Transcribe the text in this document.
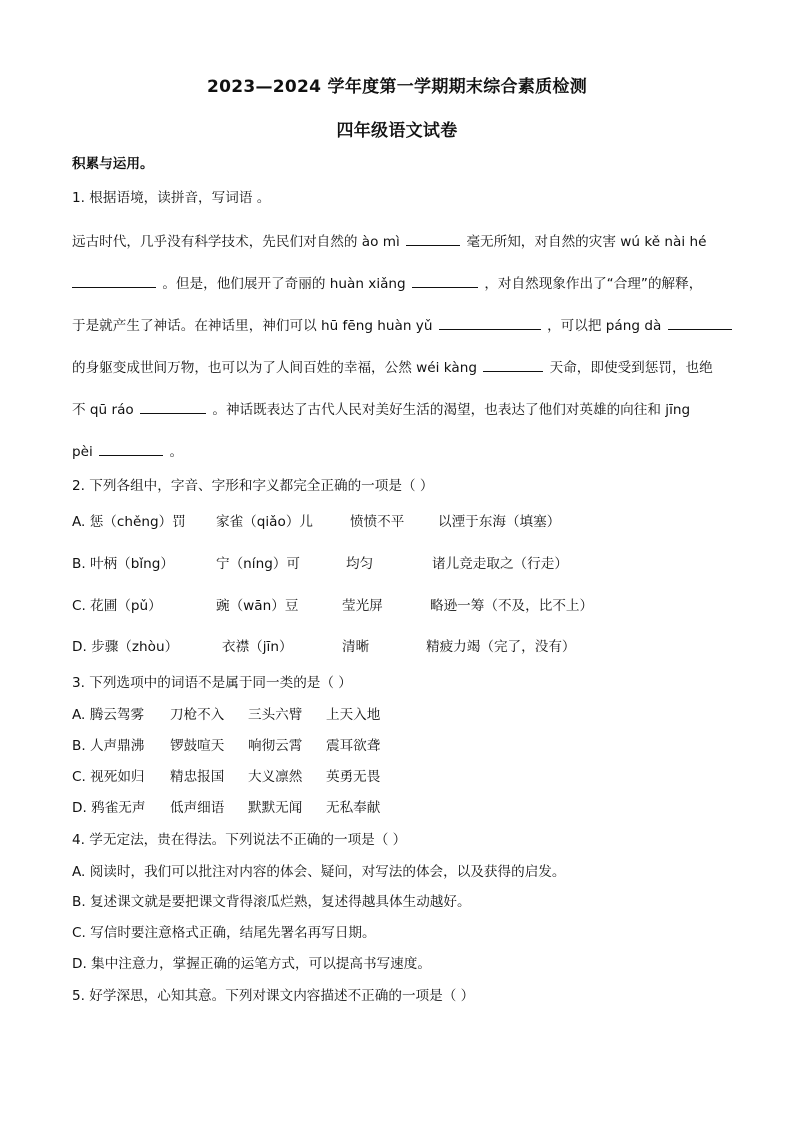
2023—2024 学年度第一学期期末综合素质检测
四年级语文试卷
积累与运用。
1. 根据语境，读拼音，写词语 。
远古时代，几乎没有科学技术，先民们对自然的 ào mì	毫无所知，对自然的灾害 wú kě nài hé
。但是，他们展开了奇丽的 huàn xiǎng	，对自然现象作出了“合理”的解释，
于是就产生了神话。在神话里，神们可以 hū fēng huàn yǔ	，可以把 páng dà
的身躯变成世间万物，也可以为了人间百姓的幸福，公然 wéi kàng	天命，即使受到惩罚，也绝
不 qū ráo	。神话既表达了古代人民对美好生活的渴望，也表达了他们对英雄的向往和 jīng
pèi	。
2. 下列各组中，字音、字形和字义都完全正确的一项是（ ）
A. 惩（chěng）罚 家雀（qiǎo）儿	愤愤不平 以湮于东海（填塞）
B. 叶柄（bǐng）	宁（níng）可	均匀	诸儿竞走取之（行走）
C. 花圃（pǔ）	豌（wān）豆	莹光屏	略逊一筹（不及，比不上）
D. 步骤（zhòu）	衣襟（jīn）	清晰	精疲力竭（完了，没有）
3. 下列选项中的词语不是属于同一类的是（ ）
A. 腾云驾雾 刀枪不入 三头六臂 上天入地
B. 人声鼎沸 锣鼓喧天 响彻云霄 震耳欲聋
C. 视死如归 精忠报国 大义凛然 英勇无畏
D. 鸦雀无声 低声细语 默默无闻 无私奉献
4. 学无定法，贵在得法。下列说法不正确的一项是（ ）
A. 阅读时，我们可以批注对内容的体会、疑问，对写法的体会，以及获得的启发。
B. 复述课文就是要把课文背得滚瓜烂熟，复述得越具体生动越好。
C. 写信时要注意格式正确，结尾先署名再写日期。
D. 集中注意力，掌握正确的运笔方式，可以提高书写速度。
5. 好学深思，心知其意。下列对课文内容描述不正确的一项是（ ）
